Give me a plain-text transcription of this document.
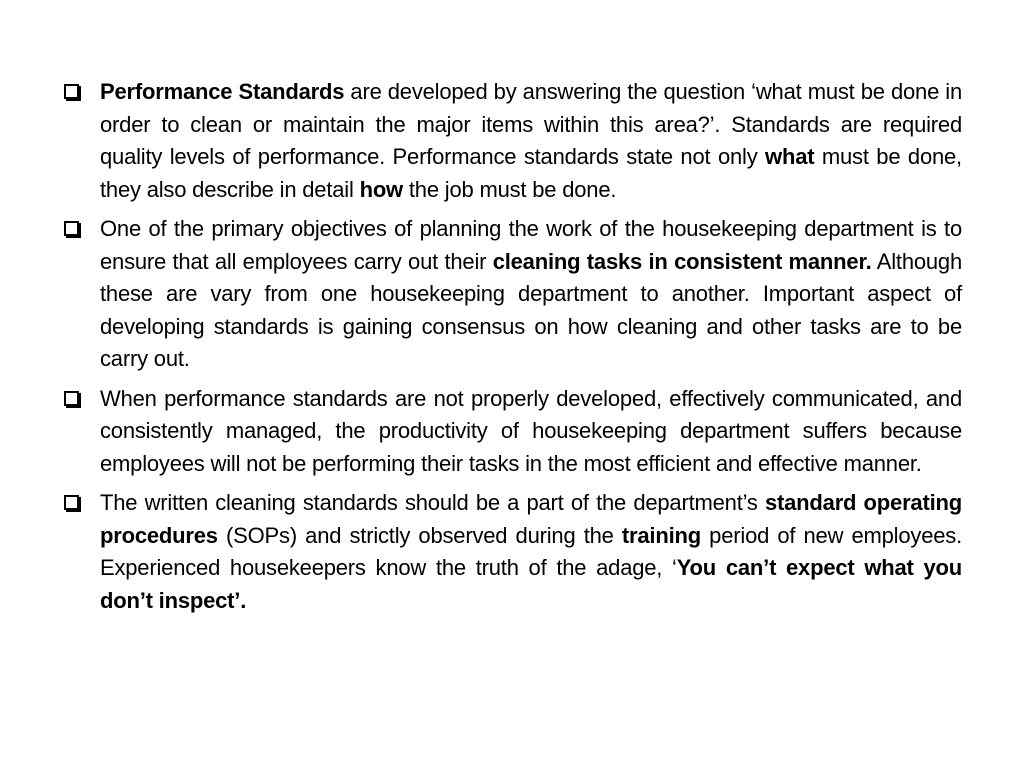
Performance Standards are developed by answering the question ‘what must be done in order to clean or maintain the major items within this area?’. Standards are required quality levels of performance. Performance standards state not only what must be done, they also describe in detail how the job must be done.
One of the primary objectives of planning the work of the housekeeping department is to ensure that all employees carry out their cleaning tasks in consistent manner. Although these are vary from one housekeeping department to another. Important aspect of developing standards is gaining consensus on how cleaning and other tasks are to be carry out.
When performance standards are not properly developed, effectively communicated, and consistently managed, the productivity of housekeeping department suffers because employees will not be performing their tasks in the most efficient and effective manner.
The written cleaning standards should be a part of the department’s standard operating procedures (SOPs) and strictly observed during the training period of new employees. Experienced housekeepers know the truth of the adage, ‘You can’t expect what you don’t inspect’.
